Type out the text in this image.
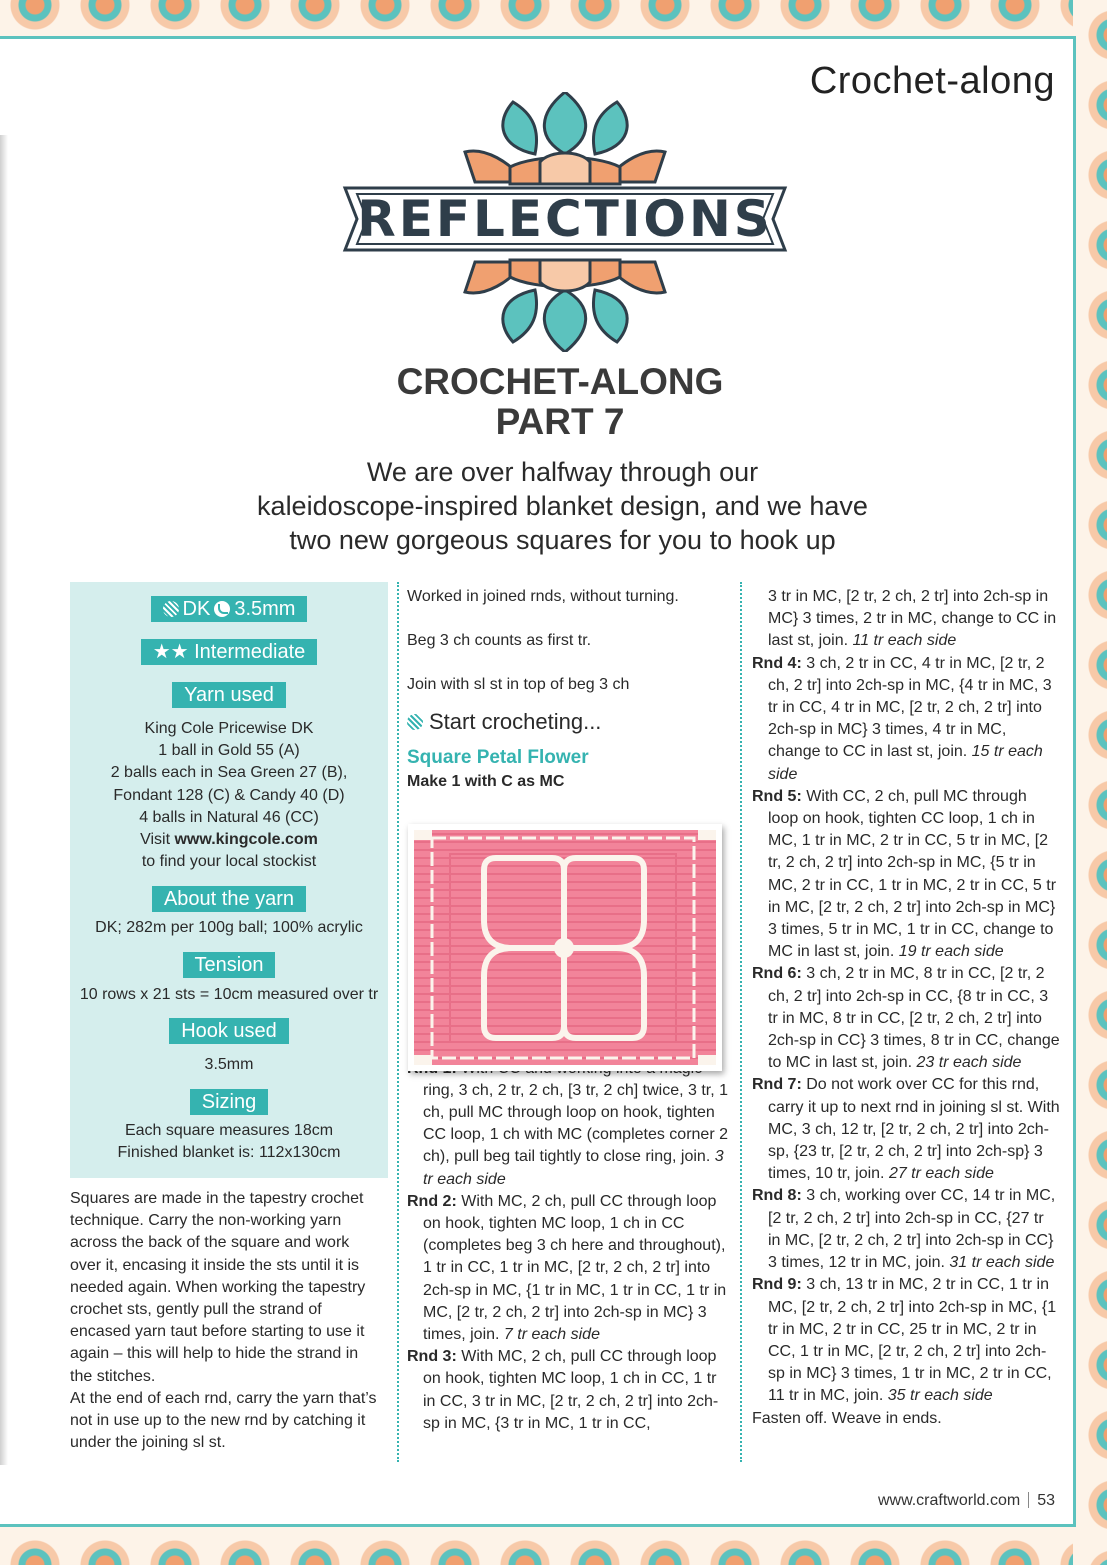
Crochet-along
REFLECTIONS
CROCHET-ALONG
PART 7
We are over halfway through our
kaleidoscope-inspired blanket design, and we have
two new gorgeous squares for you to hook up
DK 3.5mm
★★ Intermediate
Yarn used
King Cole Pricewise DK
1 ball in Gold 55 (A)
2 balls each in Sea Green 27 (B),
Fondant 128 (C) & Candy 40 (D)
4 balls in Natural 46 (CC)
Visit www.kingcole.com
to find your local stockist
About the yarn
DK; 282m per 100g ball; 100% acrylic
Tension
10 rows x 21 sts = 10cm measured over tr
Hook used
3.5mm
Sizing
Each square measures 18cm
Finished blanket is: 112x130cm
Squares are made in the tapestry crochet
technique. Carry the non-working yarn
across the back of the square and work
over it, encasing it inside the sts until it is
needed again. When working the tapestry
crochet sts, gently pull the strand of
encased yarn taut before starting to use it
again – this will help to hide the strand in
the stitches.
At the end of each rnd, carry the yarn that’s
not in use up to the new rnd by catching it
under the joining sl st.
Worked in joined rnds, without turning.
Beg 3 ch counts as first tr.
Join with sl st in top of beg 3 ch
Start crocheting...
Square Petal Flower
Make 1 with C as MC
ring, 3 ch, 2 tr, 2 ch, [3 tr, 2 ch] twice, 3 tr, 1 ch, pull MC through loop on hook, tighten CC loop, 1 ch with MC (completes corner 2 ch), pull beg tail tightly to close ring, join. 3 tr each side
Rnd 2: With MC, 2 ch, pull CC through loop on hook, tighten MC loop, 1 ch in CC (completes beg 3 ch here and throughout), 1 tr in CC, 1 tr in MC, [2 tr, 2 ch, 2 tr] into 2ch-sp in MC, {1 tr in MC, 1 tr in CC, 1 tr in MC, [2 tr, 2 ch, 2 tr] into 2ch-sp in MC} 3 times, join. 7 tr each side
Rnd 3: With MC, 2 ch, pull CC through loop on hook, tighten MC loop, 1 ch in CC, 1 tr in CC, 3 tr in MC, [2 tr, 2 ch, 2 tr] into 2ch-sp in MC, {3 tr in MC, 1 tr in CC,
3 tr in MC, [2 tr, 2 ch, 2 tr] into 2ch-sp in MC} 3 times, 2 tr in MC, change to CC in last st, join. 11 tr each side
Rnd 4: 3 ch, 2 tr in CC, 4 tr in MC, [2 tr, 2 ch, 2 tr] into 2ch-sp in MC, {4 tr in MC, 3 tr in CC, 4 tr in MC, [2 tr, 2 ch, 2 tr] into 2ch-sp in MC} 3 times, 4 tr in MC, change to CC in last st, join. 15 tr each side
Rnd 5: With CC, 2 ch, pull MC through loop on hook, tighten CC loop, 1 ch in MC, 1 tr in MC, 2 tr in CC, 5 tr in MC, [2 tr, 2 ch, 2 tr] into 2ch-sp in MC, {5 tr in MC, 2 tr in CC, 1 tr in MC, 2 tr in CC, 5 tr in MC, [2 tr, 2 ch, 2 tr] into 2ch-sp in MC} 3 times, 5 tr in MC, 1 tr in CC, change to MC in last st, join. 19 tr each side
Rnd 6: 3 ch, 2 tr in MC, 8 tr in CC, [2 tr, 2 ch, 2 tr] into 2ch-sp in CC, {8 tr in CC, 3 tr in MC, 8 tr in CC, [2 tr, 2 ch, 2 tr] into 2ch-sp in CC} 3 times, 8 tr in CC, change to MC in last st, join. 23 tr each side
Rnd 7: Do not work over CC for this rnd, carry it up to next rnd in joining sl st. With MC, 3 ch, 12 tr, [2 tr, 2 ch, 2 tr] into 2ch-sp, {23 tr, [2 tr, 2 ch, 2 tr] into 2ch-sp} 3 times, 10 tr, join. 27 tr each side
Rnd 8: 3 ch, working over CC, 14 tr in MC, [2 tr, 2 ch, 2 tr] into 2ch-sp in CC, {27 tr in MC, [2 tr, 2 ch, 2 tr] into 2ch-sp in CC} 3 times, 12 tr in MC, join. 31 tr each side
Rnd 9: 3 ch, 13 tr in MC, 2 tr in CC, 1 tr in MC, [2 tr, 2 ch, 2 tr] into 2ch-sp in MC, {1 tr in MC, 2 tr in CC, 25 tr in MC, 2 tr in CC, 1 tr in MC, [2 tr, 2 ch, 2 tr] into 2ch-sp in MC} 3 times, 1 tr in MC, 2 tr in CC, 11 tr in MC, join. 35 tr each side
Fasten off. Weave in ends.
www.craftworld.com 53
